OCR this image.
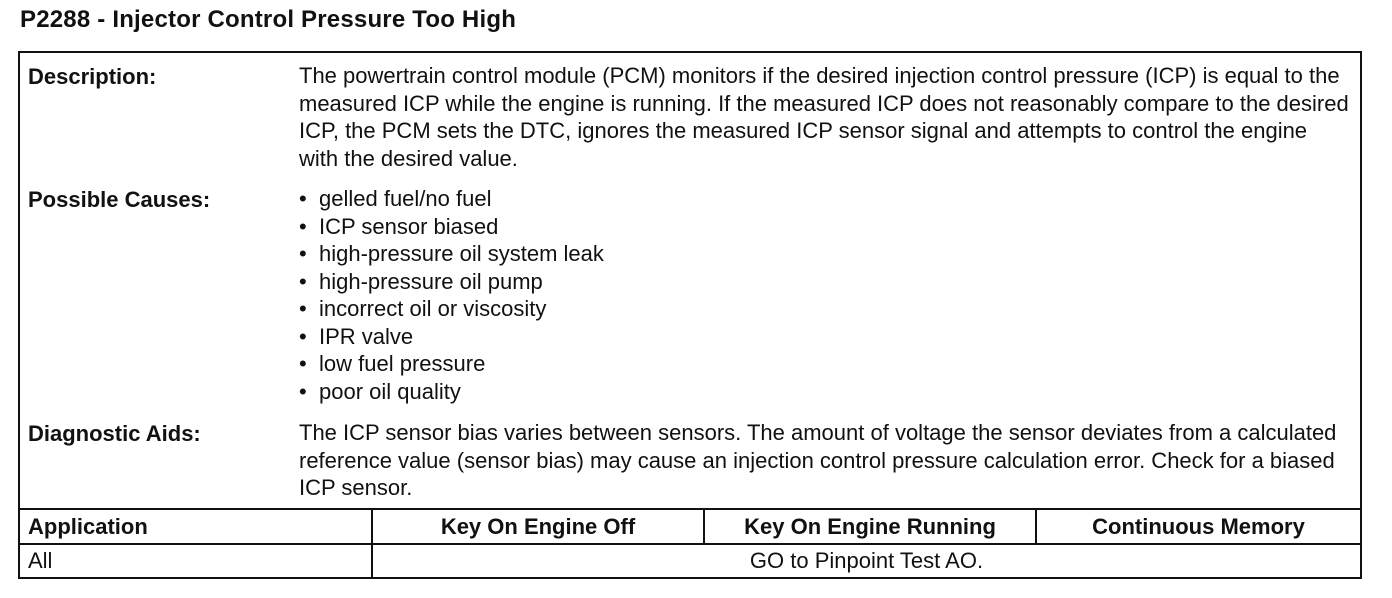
P2288 - Injector Control Pressure Too High
Description:	The powertrain control module (PCM) monitors if the desired injection control pressure (ICP) is equal to the measured ICP while the engine is running. If the measured ICP does not reasonably compare to the desired ICP, the PCM sets the DTC, ignores the measured ICP sensor signal and attempts to control the engine with the desired value.
Possible Causes:
•	gelled fuel/no fuel
• ICP sensor biased
• high-pressure oil system leak
• high-pressure oil pump
• incorrect oil or viscosity
• IPR valve
• low fuel pressure
• poor oil quality
Diagnostic Aids:	The ICP sensor bias varies between sensors. The amount of voltage the sensor deviates from a calculated reference value (sensor bias) may cause an injection control pressure calculation error. Check for a biased ICP sensor.
Application	Key On Engine Off	Key On Engine Running	Continuous Memory
All	GO to Pinpoint Test AO.
